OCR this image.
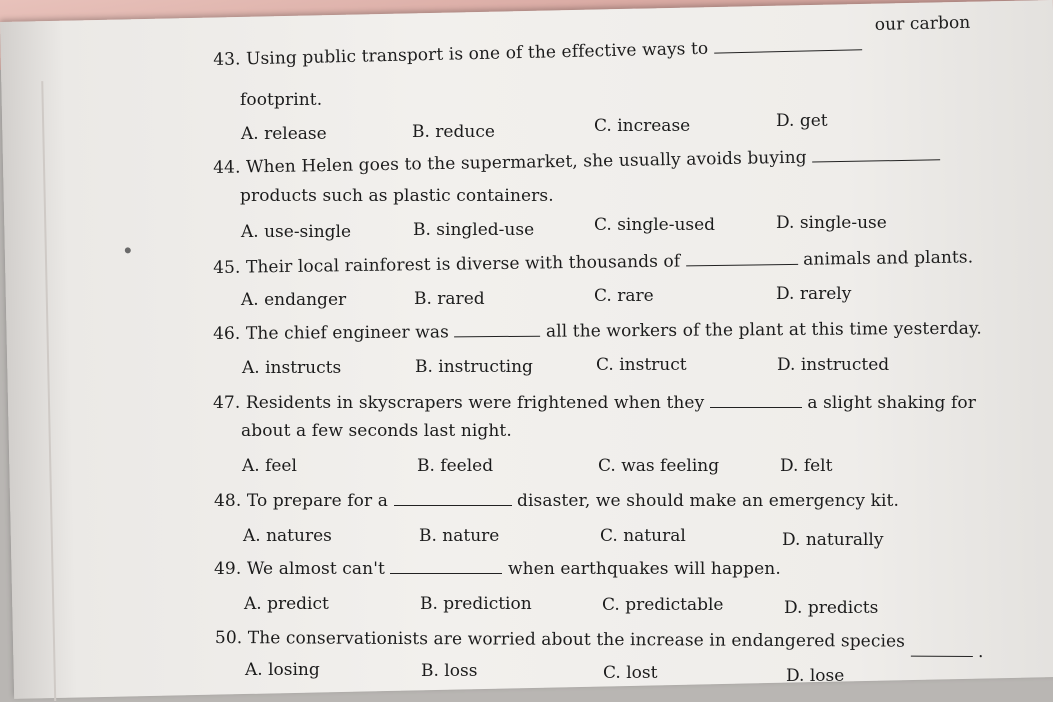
43. Using public transport is one of the effective ways to  our carbon
footprint.
A. release	B. reduce	C. increase	D. get
44. When Helen goes to the supermarket, she usually avoids buying
products such as plastic containers.
A. use-single	B. singled-use	C. single-used	D. single-use
45. Their local rainforest is diverse with thousands of	animals and plants.
A. endanger	B. rared	C. rare	D. rarely
46. The chief engineer was	all the workers of the plant at this time yesterday.
A. instructs	B. instructing	C. instruct	D. instructed
47. Residents in skyscrapers were frightened when they	a slight shaking for
about a few seconds last night.
A. feel	B. feeled	C. was feeling	D. felt
48. To prepare for a	disaster, we should make an emergency kit.
A. natures	B. nature	C. natural	D. naturally
49. We almost can't	when earthquakes will happen.
A. predict	B. prediction	C. predictable	D. predicts
50. The conservationists are worried about the increase in endangered species  .
A. losing	B. loss	C. lost	D. lose
